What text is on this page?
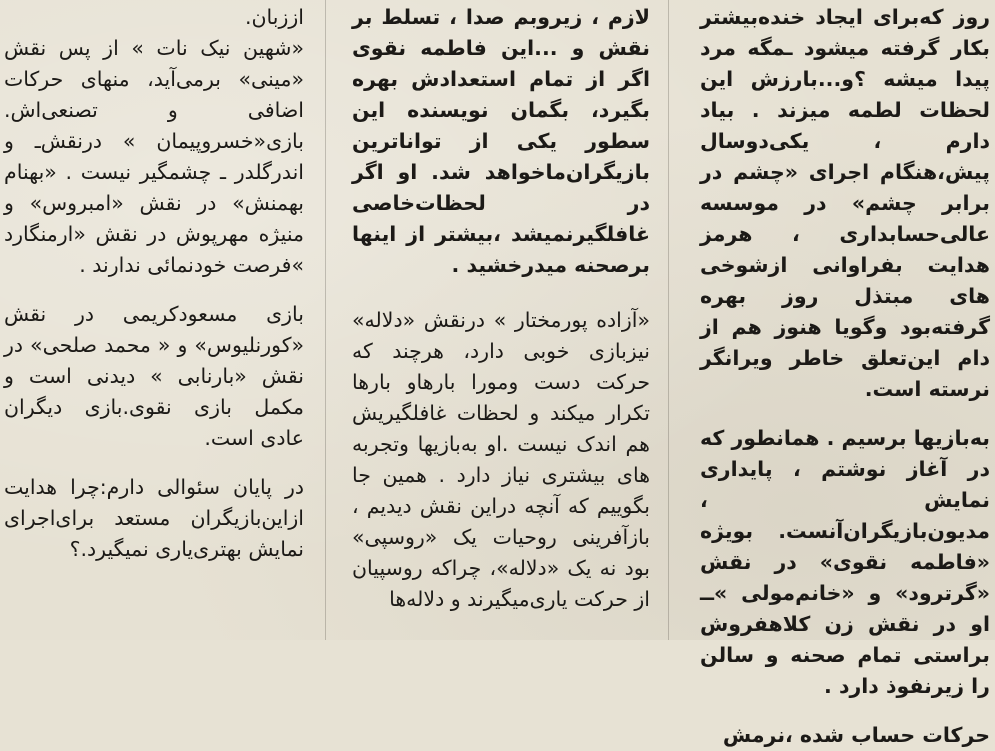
روز که‌برای ایجاد خنده‌بیشتر بکار گرفته میشود ـمگه مرد پیدا میشه ؟و...بارزش این لحظات لطمه میزند . بیاد دارم ، یکی‌دوسال پیش،هنگام اجرای «چشم در برابر چشم» در موسسه عالی‌حسابداری ، هرمز هدایت بفراوانی ازشوخی های مبتذل روز بهره گرفته‌بود وگویا هنوز هم از دام این‌تعلق خاطر ویرانگر نرسته است.

به‌بازیها برسیم . همانطور که در آغاز نوشتم ، پایداری نمایش ، مدیون‌بازیگران‌آنست. بویژه «فاطمه نقوی» در نقش «گرترود» و «خانم‌مولی »ــ او در نقش زن کلاهفروش براستی تمام صحنه و سالن را زیرنفوذ دارد .

حرکات حساب شده ،نرمش

لازم ، زیروبم صدا ، تسلط بر نقش و ...این فاطمه نقوی اگر از تمام استعدادش بهره بگیرد، بگمان نویسنده این سطور یکی از تواناترین بازیگران‌ماخواهد شد. او اگر در لحظات‌خاصی غافلگیرنمیشد ،بیشتر از اینها برصحنه میدرخشید .

«آزاده پورمختار » درنقش «دلاله» نیزبازی خوبی دارد، هرچند که حرکت دست ومورا بارهاو بارها تکرار میکند و لحظات غافلگیریش هم اندک نیست .او به‌بازیها وتجربه های بیشتری نیاز دارد . همین جا بگوییم که آنچه دراین نقش دیدیم ، بازآفرینی روحیات یک «روسپی» بود نه یک «دلاله»، چراکه روسپیان از حرکت یاری‌میگیرند و دلاله‌ها

اززبان.

«شهین نیک نات » از پس نقش «مینی» برمی‌آید، منهای حرکات اضافی و تصنعی‌اش. بازی«خسروپیمان » درنقش‌ـ و اندرگلدر ـ چشمگیر نیست . «بهنام بهمنش» در نقش «امبروس» و منیژه مهرپوش در نقش «ارمنگارد »فرصت خودنمائی ندارند .

بازی مسعودکریمی در نقش «کورنلیوس» و « محمد صلحی» در نقش «بارنابی » دیدنی است و مکمل بازی نقوی.بازی دیگران عادی است.

در پایان سئوالی دارم:چرا هدایت ازاین‌بازیگران مستعد برای‌اجرای نمایش بهتری‌یاری نمیگیرد.؟
